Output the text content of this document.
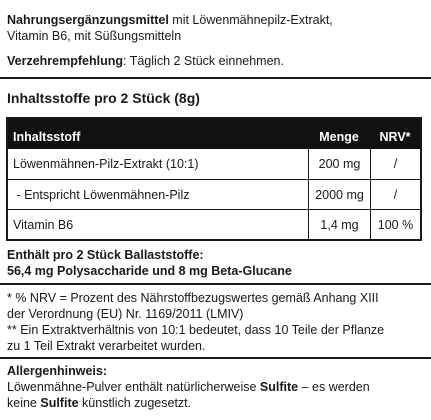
Nahrungsergänzungsmittel mit Löwenmähnepilz-Extrakt,
Vitamin B6, mit Süßungsmitteln
Verzehrempfehlung: Täglich 2 Stück einnehmen.
Inhaltsstoffe pro 2 Stück (8g)
Inhaltsstoff	Menge	NRV*
Löwenmähnen-Pilz-Extrakt (10:1)	200 mg	/
- Entspricht Löwenmähnen-Pilz	2000 mg	/
Vitamin B6	1,4 mg	100 %
Enthält pro 2 Stück Ballaststoffe:
56,4 mg Polysaccharide und 8 mg Beta-Glucane
* % NRV = Prozent des Nährstoffbezugswertes gemäß Anhang XIII
der Verordnung (EU) Nr. 1169/2011 (LMIV)
** Ein Extraktverhältnis von 10:1 bedeutet, dass 10 Teile der Pflanze
zu 1 Teil Extrakt verarbeitet wurden.
Allergenhinweis:
Löwenmähne-Pulver enthält natürlicherweise Sulfite – es werden
keine Sulfite künstlich zugesetzt.
